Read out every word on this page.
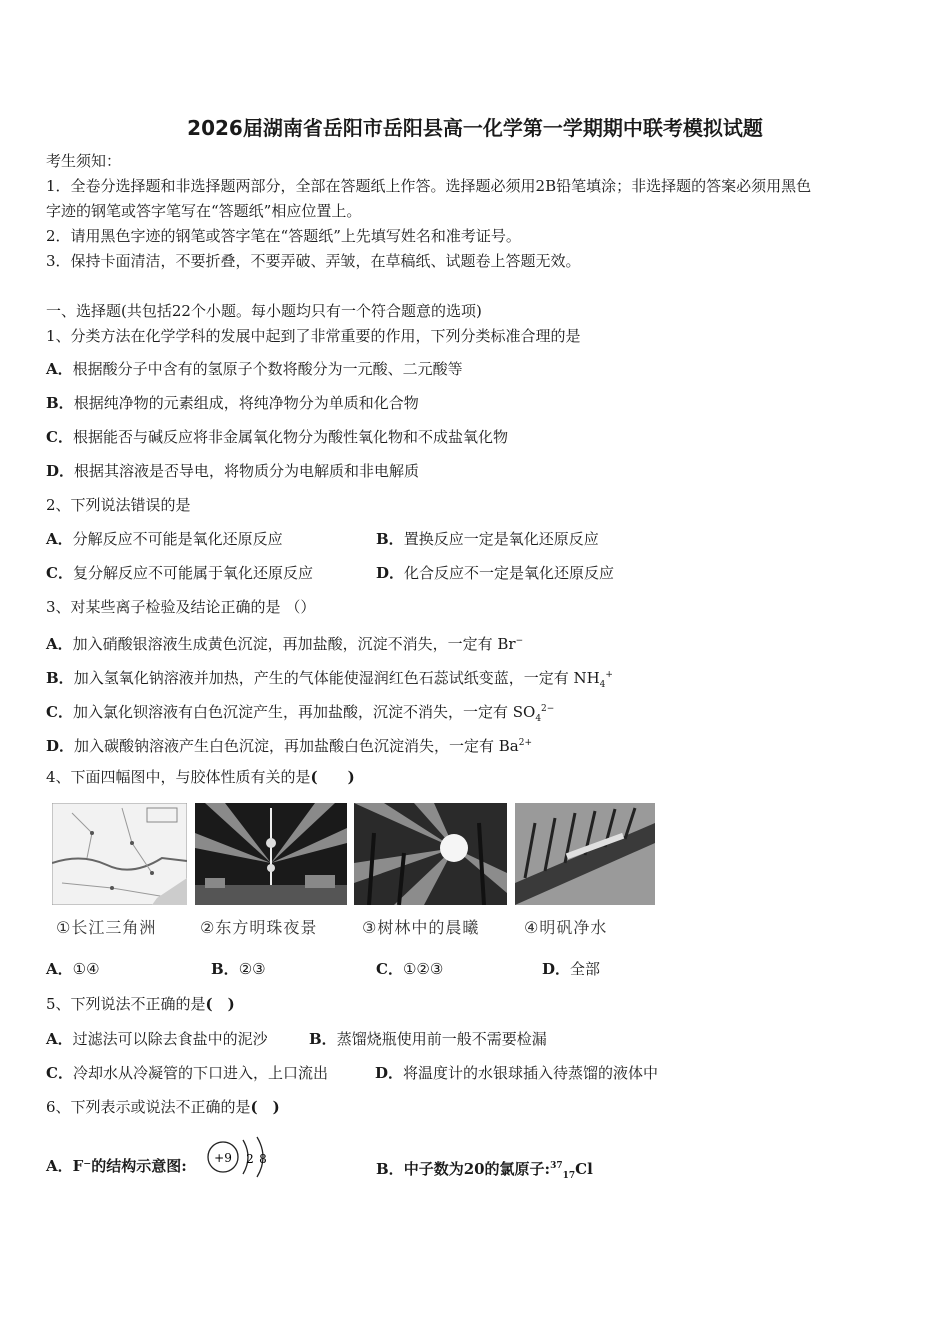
2026届湖南省岳阳市岳阳县高一化学第一学期期中联考模拟试题
考生须知：
1．全卷分选择题和非选择题两部分，全部在答题纸上作答。选择题必须用2B铅笔填涂；非选择题的答案必须用黑色
字迹的钢笔或答字笔写在“答题纸”相应位置上。
2．请用黑色字迹的钢笔或答字笔在“答题纸”上先填写姓名和准考证号。
3．保持卡面清洁，不要折叠，不要弄破、弄皱，在草稿纸、试题卷上答题无效。
一、选择题(共包括22个小题。每小题均只有一个符合题意的选项)
1、分类方法在化学学科的发展中起到了非常重要的作用，下列分类标准合理的是
A．根据酸分子中含有的氢原子个数将酸分为一元酸、二元酸等
B．根据纯净物的元素组成，将纯净物分为单质和化合物
C．根据能否与碱反应将非金属氧化物分为酸性氧化物和不成盐氧化物
D．根据其溶液是否导电，将物质分为电解质和非电解质
2、下列说法错误的是
A．分解反应不可能是氧化还原反应	B．置换反应一定是氧化还原反应
C．复分解反应不可能属于氧化还原反应	D．化合反应不一定是氧化还原反应
3、对某些离子检验及结论正确的是 （）
A．加入硝酸银溶液生成黄色沉淀，再加盐酸，沉淀不消失，一定有 Br−
B．加入氢氧化钠溶液并加热，产生的气体能使湿润红色石蕊试纸变蓝，一定有 $NH_4^+$
C．加入氯化钡溶液有白色沉淀产生，再加盐酸，沉淀不消失，一定有 $SO_4^{2-}$
D．加入碳酸钠溶液产生白色沉淀，再加盐酸白色沉淀消失，一定有 $Ba^{2+}$
4、下面四幅图中，与胶体性质有关的是(　　)
①长江三角洲	②东方明珠夜景	③树林中的晨曦	④明矾净水
A．①④	B．②③	C．①②③	D．全部
5、下列说法不正确的是(　)
A．过滤法可以除去食盐中的泥沙	B．蒸馏烧瓶使用前一般不需要检漏
C．冷却水从冷凝管的下口进入，上口流出	D．将温度计的水银球插入待蒸馏的液体中
6、下列表示或说法不正确的是(　)
A．F⁻的结构示意图: +9 2 8
B．中子数为20的氯原子:$^{37}_{17}$Cl
